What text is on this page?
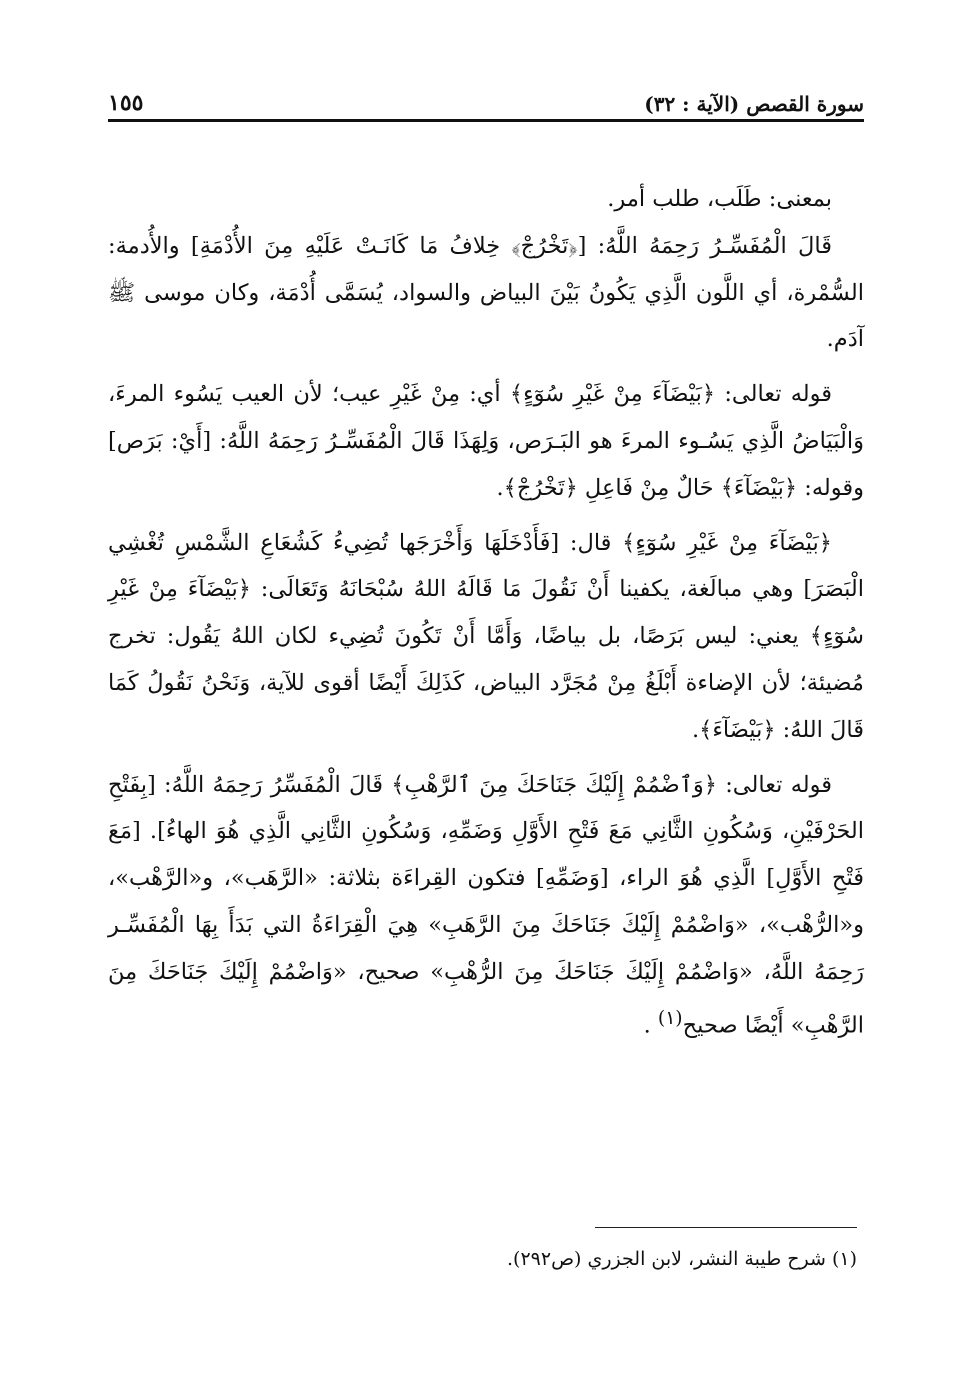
سورة القصص (الآية : ٣٢)
١٥٥

بمعنى: طَلَب، طلب أمر.

قَالَ الْمُفَسِّـرُ رَحِمَهُ اللَّهُ: [﴿تَخْرُجْ﴾ خِلافُ مَا كَانَـتْ عَلَيْهِ مِنَ الأُدْمَةِ] والأُدمة: السُّمْرة، أي اللَّون الَّذِي يَكُونُ بَيْنَ البياض والسواد، يُسَمَّى أُدْمَة، وكان موسى ﷺ آدَم.

قوله تعالى: ﴿بَيْضَآءَ مِنْ غَيْرِ سُوٓءٍ﴾ أي: مِنْ غَيْرِ عيب؛ لأن العيب يَسُوء المرءَ، وَالْبَيَاضُ الَّذِي يَسُـوء المرءَ هو البَـرَص، وَلِهَذَا قَالَ الْمُفَسِّـرُ رَحِمَهُ اللَّهُ: [أَيْ: بَرَص] وقوله: ﴿بَيْضَآءَ﴾ حَالٌ مِنْ فَاعِلِ ﴿تَخْرُجْ﴾.

﴿بَيْضَآءَ مِنْ غَيْرِ سُوٓءٍ﴾ قال: [فَأَدْخَلَهَا وَأَخْرَجَها تُضِيءُ كَشُعَاعِ الشَّمْسِ تُغْشِي الْبَصَرَ] وهي مبالَغة، يكفينا أَنْ نَقُولَ مَا قَالَهُ اللهُ سُبْحَانَهُ وَتَعَالَى: ﴿بَيْضَآءَ مِنْ غَيْرِ سُوٓءٍ﴾ يعني: ليس بَرَصًا، بل بياضًا، وَأَمَّا أَنْ تَكُونَ تُضِيء لكان اللهُ يَقُول: تخرج مُضيئة؛ لأن الإضاءة أَبْلَغُ مِنْ مُجَرَّد البياض، كَذَلِكَ أَيْضًا أقوى للآية، وَنَحْنُ نَقُولُ كَمَا قَالَ اللهُ: ﴿بَيْضَآءَ﴾.

قوله تعالى: ﴿وَٱضْمُمْ إِلَيْكَ جَنَاحَكَ مِنَ ٱلرَّهْبِ﴾ قَالَ الْمُفَسِّرُ رَحِمَهُ اللَّهُ: [بِفَتْحِ الحَرْفَيْنِ، وَسُكُونِ الثَّانِي مَعَ فَتْحِ الأَوَّلِ وَضَمِّهِ، وَسُكُونِ الثَّانِي الَّذِي هُوَ الهاءُ]. [مَعَ فَتْحِ الأَوَّلِ] الَّذِي هُوَ الراء، [وَضَمِّهِ] فتكون القِراءَة بثلاثة: «الرَّهَب»، و«الرَّهْب»، و«الرُّهْب»، «وَاضْمُمْ إِلَيْكَ جَنَاحَكَ مِنَ الرَّهَبِ» هِيَ الْقِرَاءَةُ التي بَدَأَ بِهَا الْمُفَسِّـر رَحِمَهُ اللَّهُ، «وَاضْمُمْ إِلَيْكَ جَنَاحَكَ مِنَ الرُّهْبِ» صحيح، «وَاضْمُمْ إِلَيْكَ جَنَاحَكَ مِنَ الرَّهْبِ» أَيْضًا صحيح$^{(١)}$ .

(١) شرح طيبة النشر، لابن الجزري (ص٢٩٢).
